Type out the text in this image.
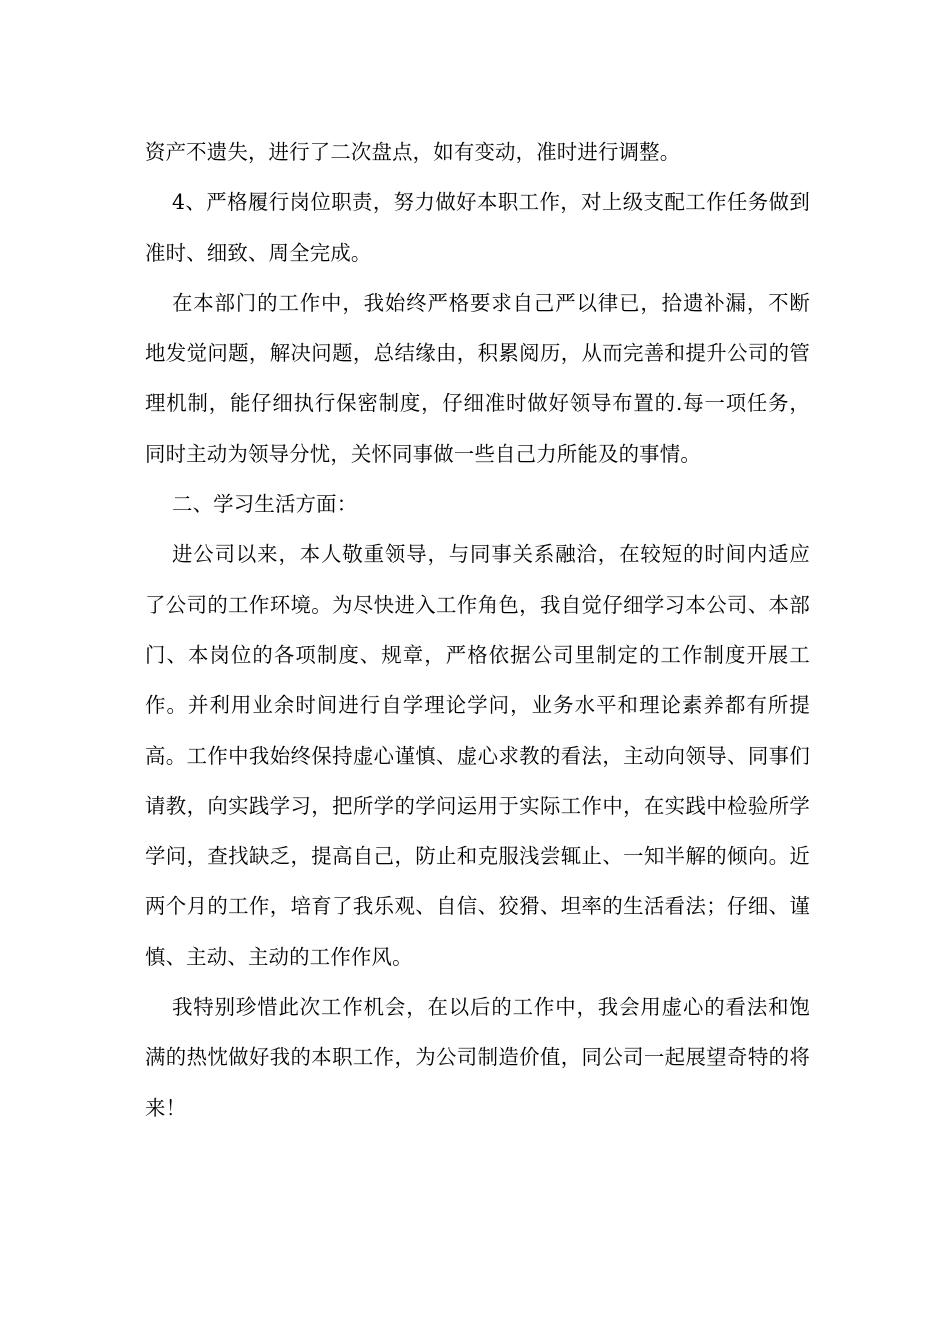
资产不遗失，进行了二次盘点，如有变动，准时进行调整。

4、严格履行岗位职责，努力做好本职工作，对上级支配工作任务做到准时、细致、周全完成。

在本部门的工作中，我始终严格要求自己严以律已，拾遗补漏，不断地发觉问题，解决问题，总结缘由，积累阅历，从而完善和提升公司的管理机制，能仔细执行保密制度，仔细准时做好领导布置的.每一项任务，同时主动为领导分忧，关怀同事做一些自己力所能及的事情。

二、学习生活方面：

进公司以来，本人敬重领导，与同事关系融洽，在较短的时间内适应了公司的工作环境。为尽快进入工作角色，我自觉仔细学习本公司、本部门、本岗位的各项制度、规章，严格依据公司里制定的工作制度开展工作。并利用业余时间进行自学理论学问，业务水平和理论素养都有所提高。工作中我始终保持虚心谨慎、虚心求教的看法，主动向领导、同事们请教，向实践学习，把所学的学问运用于实际工作中，在实践中检验所学学问，查找缺乏，提高自己，防止和克服浅尝辄止、一知半解的倾向。近两个月的工作，培育了我乐观、自信、狡猾、坦率的生活看法；仔细、谨慎、主动、主动的工作作风。

我特别珍惜此次工作机会，在以后的工作中，我会用虚心的看法和饱满的热忱做好我的本职工作，为公司制造价值，同公司一起展望奇特的将来！
